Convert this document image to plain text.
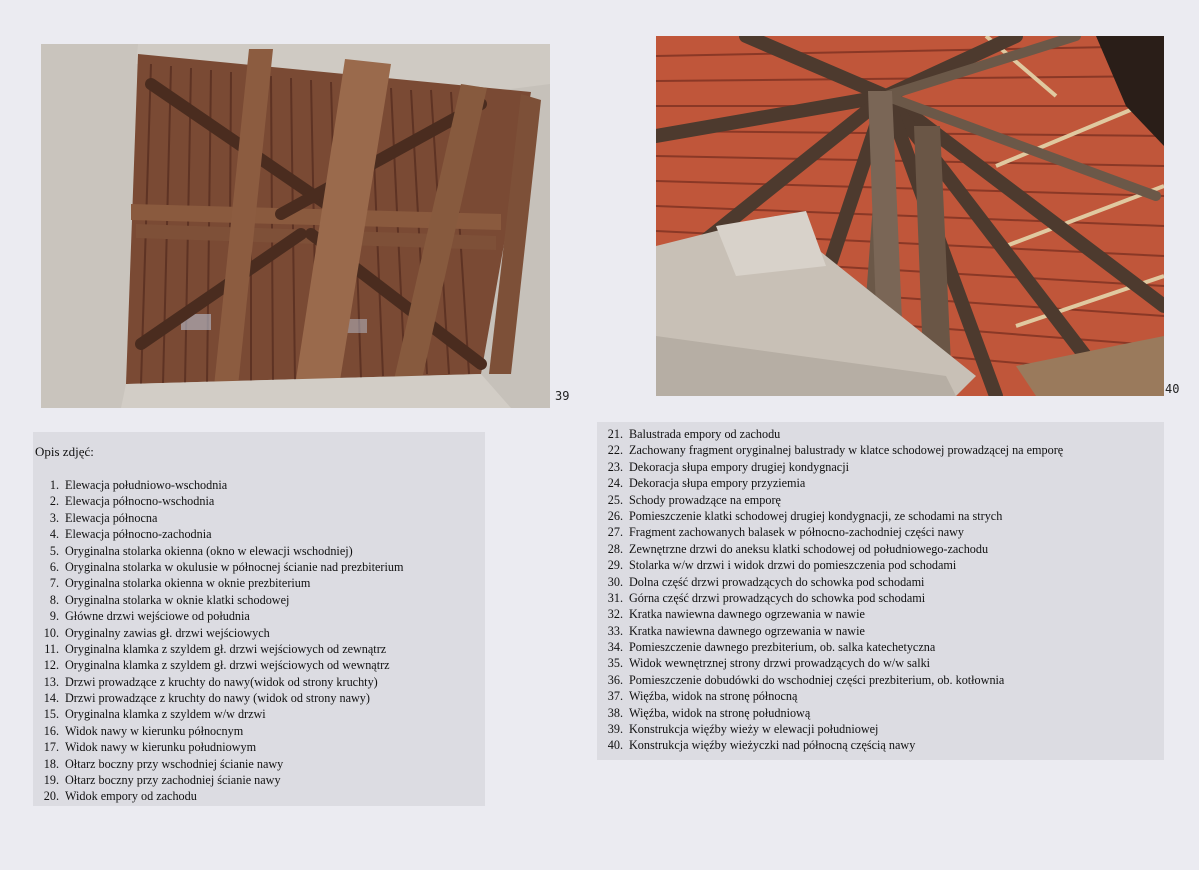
39	40
Opis zdjęć:
1. Elewacja południowo-wschodnia
2. Elewacja północno-wschodnia
3. Elewacja północna
4. Elewacja północno-zachodnia
5. Oryginalna stolarka okienna (okno w elewacji wschodniej)
6. Oryginalna stolarka w okulusie w północnej ścianie nad prezbiterium
7. Oryginalna stolarka okienna w oknie prezbiterium
8. Oryginalna stolarka w oknie klatki schodowej
9. Główne drzwi wejściowe od południa
10. Oryginalny zawias gł. drzwi wejściowych
11. Oryginalna klamka z szyldem gł. drzwi wejściowych od zewnątrz
12. Oryginalna klamka z szyldem gł. drzwi wejściowych od wewnątrz
13. Drzwi prowadzące z kruchty do nawy(widok od strony kruchty)
14. Drzwi prowadzące z kruchty do nawy (widok od strony nawy)
15. Oryginalna klamka z szyldem w/w drzwi
16. Widok nawy w kierunku północnym
17. Widok nawy w kierunku południowym
18. Ołtarz boczny przy wschodniej ścianie nawy
19. Ołtarz boczny przy zachodniej ścianie nawy
20. Widok empory od zachodu
21. Balustrada empory od zachodu
22. Zachowany fragment oryginalnej balustrady w klatce schodowej prowadzącej na emporę
23. Dekoracja słupa empory drugiej kondygnacji
24. Dekoracja słupa empory przyziemia
25. Schody prowadzące na emporę
26. Pomieszczenie klatki schodowej drugiej kondygnacji, ze schodami na strych
27. Fragment zachowanych balasek w północno-zachodniej części nawy
28. Zewnętrzne drzwi do aneksu klatki schodowej od południowego-zachodu
29. Stolarka w/w drzwi i widok drzwi do pomieszczenia pod schodami
30. Dolna część drzwi prowadzących do schowka pod schodami
31. Górna część drzwi prowadzących do schowka pod schodami
32. Kratka nawiewna dawnego ogrzewania w nawie
33. Kratka nawiewna dawnego ogrzewania w nawie
34. Pomieszczenie dawnego prezbiterium, ob. salka katechetyczna
35. Widok wewnętrznej strony drzwi prowadzących do w/w salki
36. Pomieszczenie dobudówki do wschodniej części prezbiterium, ob. kotłownia
37. Więźba, widok na stronę północną
38. Więźba, widok na stronę południową
39. Konstrukcja więźby wieży w elewacji południowej
40. Konstrukcja więźby wieżyczki nad północną częścią nawy
